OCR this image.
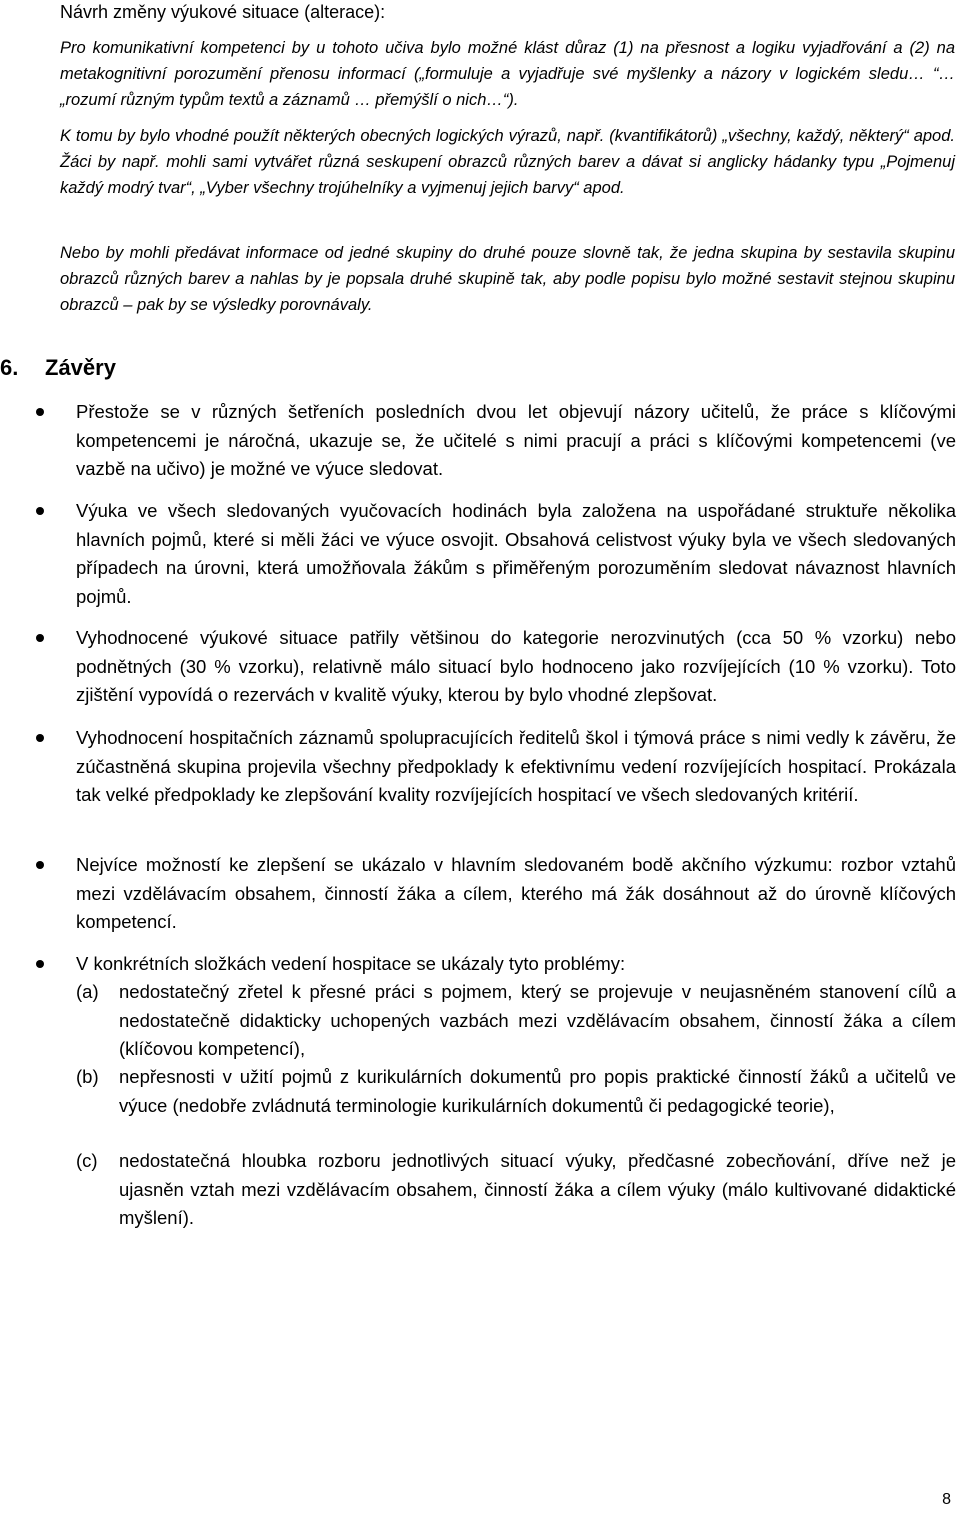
Návrh změny výukové situace (alterace):

Pro komunikativní kompetenci by u tohoto učiva bylo možné klást důraz (1) na přesnost a logiku vyjadřování a (2) na metakognitivní porozumění přenosu informací („formuluje a vyjadřuje své myšlenky a názory v logickém sledu… “… „rozumí různým typům textů a záznamů … přemýšlí o nich…“).

K tomu by bylo vhodné použít některých obecných logických výrazů, např. (kvantifikátorů) „všechny, každý, některý“ apod. Žáci by např. mohli sami vytvářet různá seskupení obrazců různých barev a dávat si anglicky hádanky typu „Pojmenuj každý modrý tvar“, „Vyber všechny trojúhelníky a vyjmenuj jejich barvy“ apod.

Nebo by mohli předávat informace od jedné skupiny do druhé pouze slovně tak, že jedna skupina by sestavila skupinu obrazců různých barev a nahlas by je popsala druhé skupině tak, aby podle popisu bylo možné sestavit stejnou skupinu obrazců – pak by se výsledky porovnávaly.

6. Závěry

Přestože se v různých šetřeních posledních dvou let objevují názory učitelů, že práce s klíčovými kompetencemi je náročná, ukazuje se, že učitelé s nimi pracují a práci s klíčovými kompetencemi (ve vazbě na učivo) je možné ve výuce sledovat.

Výuka ve všech sledovaných vyučovacích hodinách byla založena na uspořádané struktuře několika hlavních pojmů, které si měli žáci ve výuce osvojit. Obsahová celistvost výuky byla ve všech sledovaných případech na úrovni, která umožňovala žákům s přiměřeným porozuměním sledovat návaznost hlavních pojmů.

Vyhodnocené výukové situace patřily většinou do kategorie nerozvinutých (cca 50 % vzorku) nebo podnětných (30 % vzorku), relativně málo situací bylo hodnoceno jako rozvíjejících (10 % vzorku). Toto zjištění vypovídá o rezervách v kvalitě výuky, kterou by bylo vhodné zlepšovat.

Vyhodnocení hospitačních záznamů spolupracujících ředitelů škol i týmová práce s nimi vedly k závěru, že zúčastněná skupina projevila všechny předpoklady k efektivnímu vedení rozvíjejících hospitací. Prokázala tak velké předpoklady ke zlepšování kvality rozvíjejících hospitací ve všech sledovaných kritérií.

Nejvíce možností ke zlepšení se ukázalo v hlavním sledovaném bodě akčního výzkumu: rozbor vztahů mezi vzdělávacím obsahem, činností žáka a cílem, kterého má žák dosáhnout až do úrovně klíčových kompetencí.

V konkrétních složkách vedení hospitace se ukázaly tyto problémy:

(a) nedostatečný zřetel k přesné práci s pojmem, který se projevuje v neujasněném stanovení cílů a nedostatečně didakticky uchopených vazbách mezi vzdělávacím obsahem, činností žáka a cílem (klíčovou kompetencí),
(b) nepřesnosti v užití pojmů z kurikulárních dokumentů pro popis praktické činností žáků a učitelů ve výuce (nedobře zvládnutá terminologie kurikulárních dokumentů či pedagogické teorie),
(c) nedostatečná hloubka rozboru jednotlivých situací výuky, předčasné zobecňování, dříve než je ujasněn vztah mezi vzdělávacím obsahem, činností žáka a cílem výuky (málo kultivované didaktické myšlení).
8
